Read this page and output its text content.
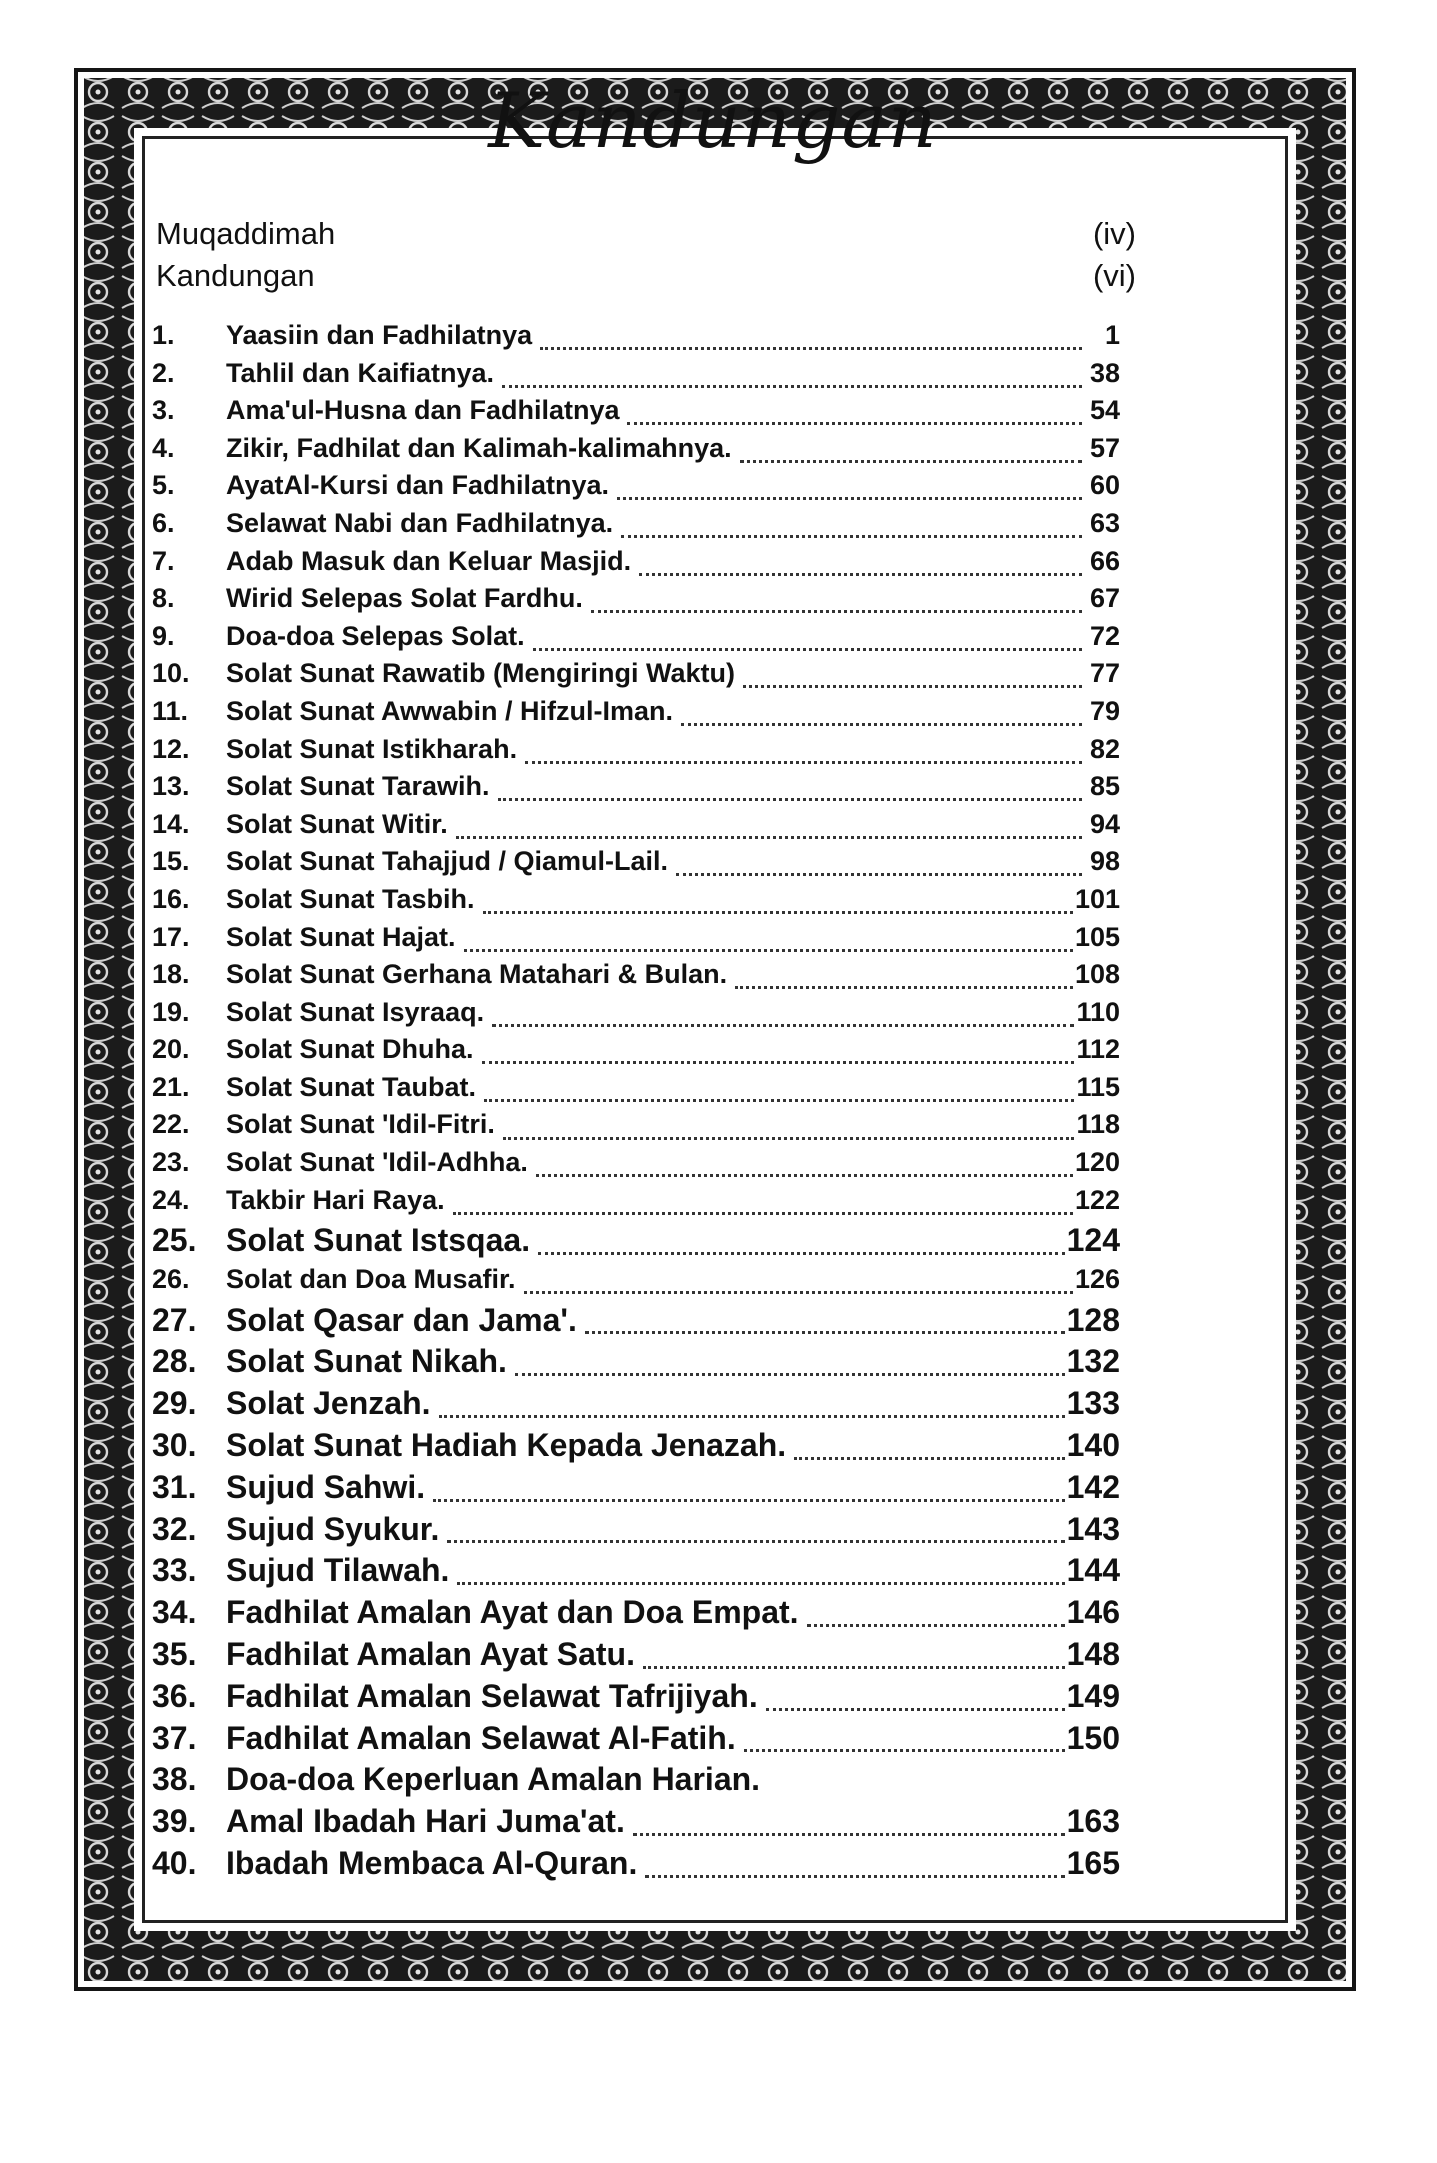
Kandungan
Muqaddimah	(iv)
Kandungan	(vi)
1.	Yaasiin dan Fadhilatnya	1
2.	Tahlil dan Kaifiatnya.	38
3.	Ama'ul-Husna dan Fadhilatnya	54
4.	Zikir, Fadhilat dan Kalimah-kalimahnya.	57
5.	AyatAl-Kursi dan Fadhilatnya.	60
6.	Selawat Nabi dan Fadhilatnya.	63
7.	Adab Masuk dan Keluar Masjid.	66
8.	Wirid Selepas Solat Fardhu.	67
9.	Doa-doa Selepas Solat.	72
10.	Solat Sunat Rawatib (Mengiringi Waktu)	77
11.	Solat Sunat Awwabin / Hifzul-Iman.	79
12.	Solat Sunat Istikharah.	82
13.	Solat Sunat Tarawih.	85
14.	Solat Sunat Witir.	94
15.	Solat Sunat Tahajjud / Qiamul-Lail.	98
16.	Solat Sunat Tasbih.	101
17.	Solat Sunat Hajat.	105
18.	Solat Sunat Gerhana Matahari & Bulan.	108
19.	Solat Sunat Isyraaq.	110
20.	Solat Sunat Dhuha.	112
21.	Solat Sunat Taubat.	115
22.	Solat Sunat 'Idil-Fitri.	118
23.	Solat Sunat 'Idil-Adhha.	120
24.	Takbir Hari Raya.	122
25. Solat Sunat Istsqaa.	124
26.	Solat dan Doa Musafir.	126
27. Solat Qasar dan Jama'.	128
28. Solat Sunat Nikah.	132
29. Solat Jenzah.	133
30. Solat Sunat Hadiah Kepada Jenazah.	140
31. Sujud Sahwi.	142
32. Sujud Syukur.	143
33. Sujud Tilawah.	144
34. Fadhilat Amalan Ayat dan Doa Empat.	146
35. Fadhilat Amalan Ayat Satu.	148
36. Fadhilat Amalan Selawat Tafrijiyah.	149
37. Fadhilat Amalan Selawat Al-Fatih.	150
38. Doa-doa Keperluan Amalan Harian.
39. Amal Ibadah Hari Juma'at.	163
40. Ibadah Membaca Al-Quran.	165
